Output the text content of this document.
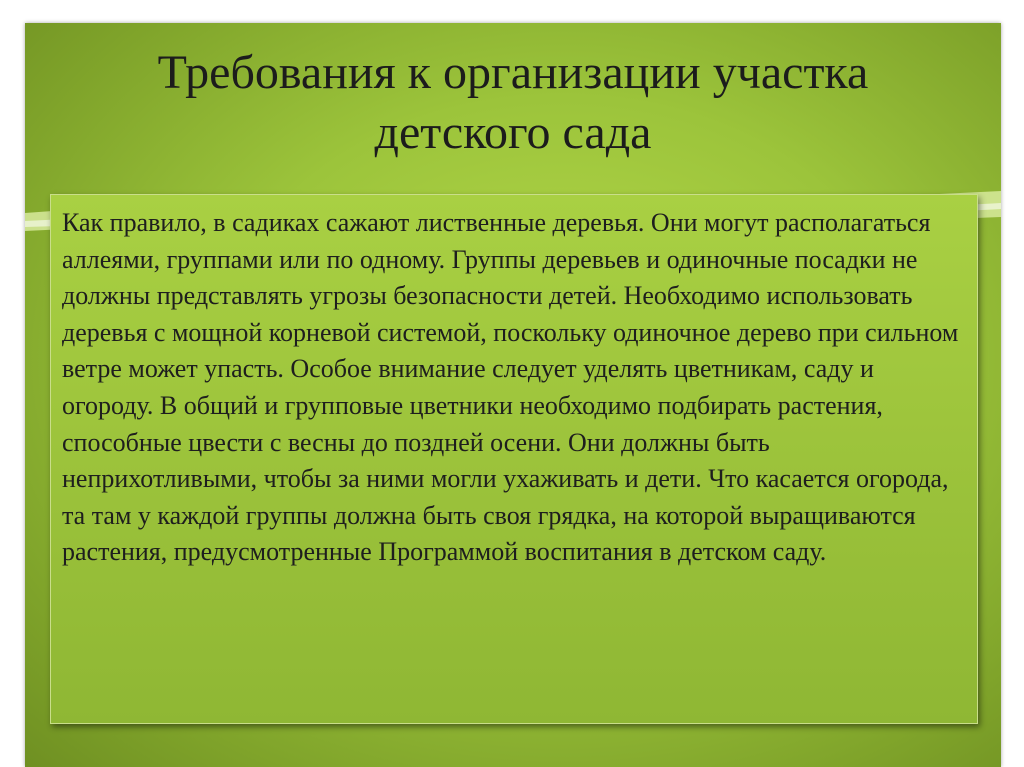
Требования к организации участка детского сада

Как правило, в садиках сажают лиственные деревья. Они могут располагаться аллеями, группами или по одному. Группы деревьев и одиночные посадки не должны представлять угрозы безопасности детей. Необходимо использовать деревья с мощной корневой системой, поскольку одиночное дерево при сильном ветре может упасть. Особое внимание следует уделять цветникам, саду и огороду. В общий и групповые цветники необходимо подбирать растения, способные цвести с весны до поздней осени. Они должны быть неприхотливыми, чтобы за ними могли ухаживать и дети. Что касается огорода, та там у каждой группы должна быть своя грядка, на которой выращиваются растения, предусмотренные Программой воспитания в детском саду.
